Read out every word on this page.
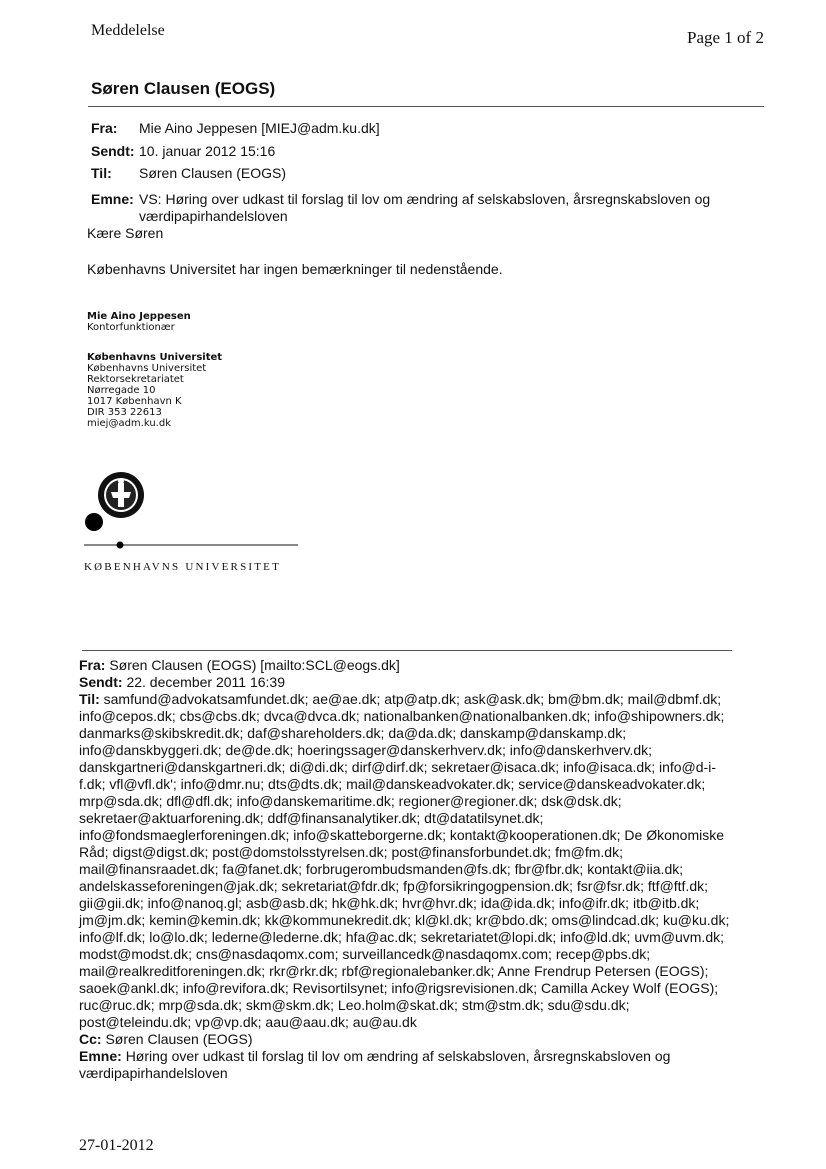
Meddelelse	Page 1 of 2
Søren Clausen (EOGS)
Fra: Mie Aino Jeppesen [MIEJ@adm.ku.dk]
Sendt: 10. januar 2012 15:16
Til: Søren Clausen (EOGS)
Emne: VS: Høring over udkast til forslag til lov om ændring af selskabsloven, årsregnskabsloven og værdipapirhandelsloven
Kære Søren
Københavns Universitet har ingen bemærkninger til nedenstående.
Mie Aino Jeppesen
Kontorfunktionær
Københavns Universitet
Københavns Universitet
Rektorsekretariatet
Nørregade 10
1017 København K
DIR 353 22613
miej@adm.ku.dk
KØBENHAVNS UNIVERSITET
Fra: Søren Clausen (EOGS) [mailto:SCL@eogs.dk]
Sendt: 22. december 2011 16:39
Til: samfund@advokatsamfundet.dk; ae@ae.dk; atp@atp.dk; ask@ask.dk; bm@bm.dk; mail@dbmf.dk;
info@cepos.dk; cbs@cbs.dk; dvca@dvca.dk; nationalbanken@nationalbanken.dk; info@shipowners.dk;
danmarks@skibskredit.dk; daf@shareholders.dk; da@da.dk; danskamp@danskamp.dk;
info@danskbyggeri.dk; de@de.dk; hoeringssager@danskerhverv.dk; info@danskerhverv.dk;
danskgartneri@danskgartneri.dk; di@di.dk; dirf@dirf.dk; sekretaer@isaca.dk; info@isaca.dk; info@d-i-
f.dk; vfl@vfl.dk'; info@dmr.nu; dts@dts.dk; mail@danskeadvokater.dk; service@danskeadvokater.dk;
mrp@sda.dk; dfl@dfl.dk; info@danskemaritime.dk; regioner@regioner.dk; dsk@dsk.dk;
sekretaer@aktuarforening.dk; ddf@finansanalytiker.dk; dt@datatilsynet.dk;
info@fondsmaeglerforeningen.dk; info@skatteborgerne.dk; kontakt@kooperationen.dk; De Økonomiske
Råd; digst@digst.dk; post@domstolsstyrelsen.dk; post@finansforbundet.dk; fm@fm.dk;
mail@finansraadet.dk; fa@fanet.dk; forbrugerombudsmanden@fs.dk; fbr@fbr.dk; kontakt@iia.dk;
andelskasseforeningen@jak.dk; sekretariat@fdr.dk; fp@forsikringogpension.dk; fsr@fsr.dk; ftf@ftf.dk;
gii@gii.dk; info@nanoq.gl; asb@asb.dk; hk@hk.dk; hvr@hvr.dk; ida@ida.dk; info@ifr.dk; itb@itb.dk;
jm@jm.dk; kemin@kemin.dk; kk@kommunekredit.dk; kl@kl.dk; kr@bdo.dk; oms@lindcad.dk; ku@ku.dk;
info@lf.dk; lo@lo.dk; lederne@lederne.dk; hfa@ac.dk; sekretariatet@lopi.dk; info@ld.dk; uvm@uvm.dk;
modst@modst.dk; cns@nasdaqomx.com; surveillancedk@nasdaqomx.com; recep@pbs.dk;
mail@realkreditforeningen.dk; rkr@rkr.dk; rbf@regionalebanker.dk; Anne Frendrup Petersen (EOGS);
saoek@ankl.dk; info@revifora.dk; Revisortilsynet; info@rigsrevisionen.dk; Camilla Ackey Wolf (EOGS);
ruc@ruc.dk; mrp@sda.dk; skm@skm.dk; Leo.holm@skat.dk; stm@stm.dk; sdu@sdu.dk;
post@teleindu.dk; vp@vp.dk; aau@aau.dk; au@au.dk
Cc: Søren Clausen (EOGS)
Emne: Høring over udkast til forslag til lov om ændring af selskabsloven, årsregnskabsloven og
værdipapirhandelsloven
27-01-2012
